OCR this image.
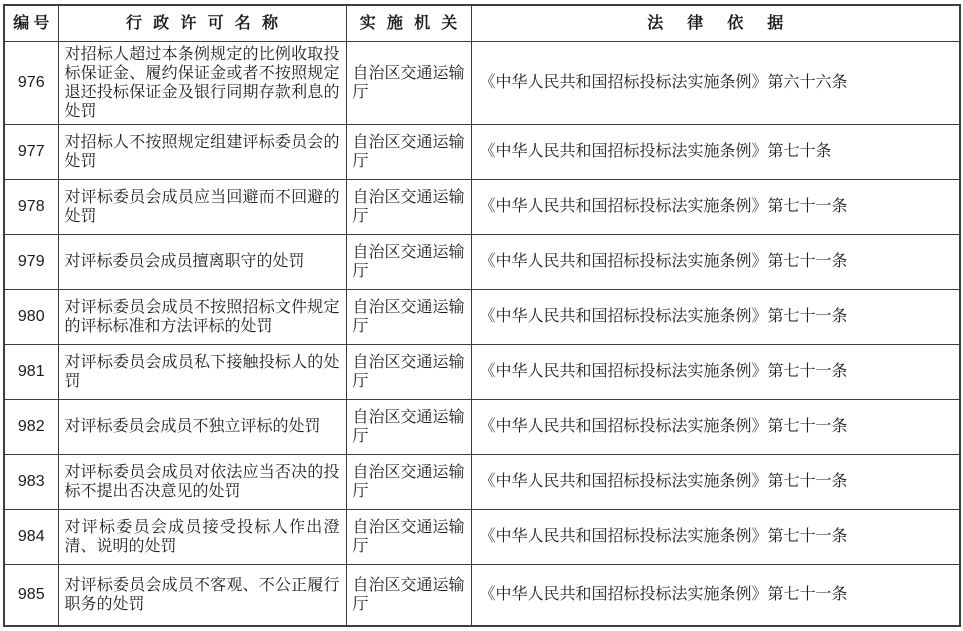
编号	行政许可名称	实施机关	法律依据
976	对招标人超过本条例规定的比例收取投标保证金、履约保证金或者不按照规定退还投标保证金及银行同期存款利息的处罚	自治区交通运输厅	《中华人民共和国招标投标法实施条例》第六十六条
977	对招标人不按照规定组建评标委员会的处罚	自治区交通运输厅	《中华人民共和国招标投标法实施条例》第七十条
978	对评标委员会成员应当回避而不回避的处罚	自治区交通运输厅	《中华人民共和国招标投标法实施条例》第七十一条
979	对评标委员会成员擅离职守的处罚	自治区交通运输厅	《中华人民共和国招标投标法实施条例》第七十一条
980	对评标委员会成员不按照招标文件规定的评标标准和方法评标的处罚	自治区交通运输厅	《中华人民共和国招标投标法实施条例》第七十一条
981	对评标委员会成员私下接触投标人的处罚	自治区交通运输厅	《中华人民共和国招标投标法实施条例》第七十一条
982	对评标委员会成员不独立评标的处罚	自治区交通运输厅	《中华人民共和国招标投标法实施条例》第七十一条
983	对评标委员会成员对依法应当否决的投标不提出否决意见的处罚	自治区交通运输厅	《中华人民共和国招标投标法实施条例》第七十一条
984	对评标委员会成员接受投标人作出澄清、说明的处罚	自治区交通运输厅	《中华人民共和国招标投标法实施条例》第七十一条
985	对评标委员会成员不客观、不公正履行职务的处罚	自治区交通运输厅	《中华人民共和国招标投标法实施条例》第七十一条
